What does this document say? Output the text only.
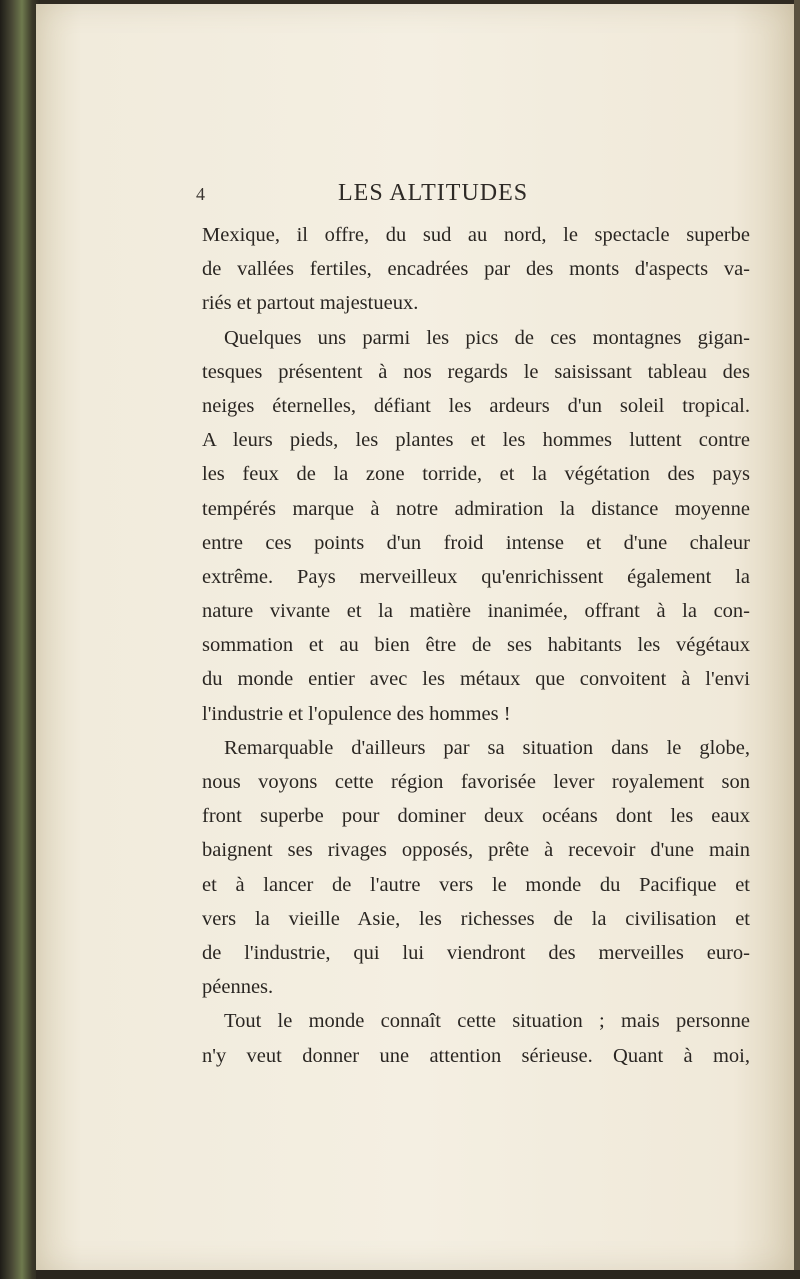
4	LES ALTITUDES
Mexique, il offre, du sud au nord, le spectacle superbe
de vallées fertiles, encadrées par des monts d'aspects va-
riés et partout majestueux.
Quelques uns parmi les pics de ces montagnes gigan-
tesques présentent à nos regards le saisissant tableau des
neiges éternelles, défiant les ardeurs d'un soleil tropical.
A leurs pieds, les plantes et les hommes luttent contre
les feux de la zone torride, et la végétation des pays
tempérés marque à notre admiration la distance moyenne
entre ces points d'un froid intense et d'une chaleur
extrême. Pays merveilleux qu'enrichissent également la
nature vivante et la matière inanimée, offrant à la con-
sommation et au bien être de ses habitants les végétaux
du monde entier avec les métaux que convoitent à l'envi
l'industrie et l'opulence des hommes !
Remarquable d'ailleurs par sa situation dans le globe,
nous voyons cette région favorisée lever royalement son
front superbe pour dominer deux océans dont les eaux
baignent ses rivages opposés, prête à recevoir d'une main
et à lancer de l'autre vers le monde du Pacifique et
vers la vieille Asie, les richesses de la civilisation et
de l'industrie, qui lui viendront des merveilles euro-
péennes.
Tout le monde connaît cette situation ; mais personne
n'y veut donner une attention sérieuse. Quant à moi,
